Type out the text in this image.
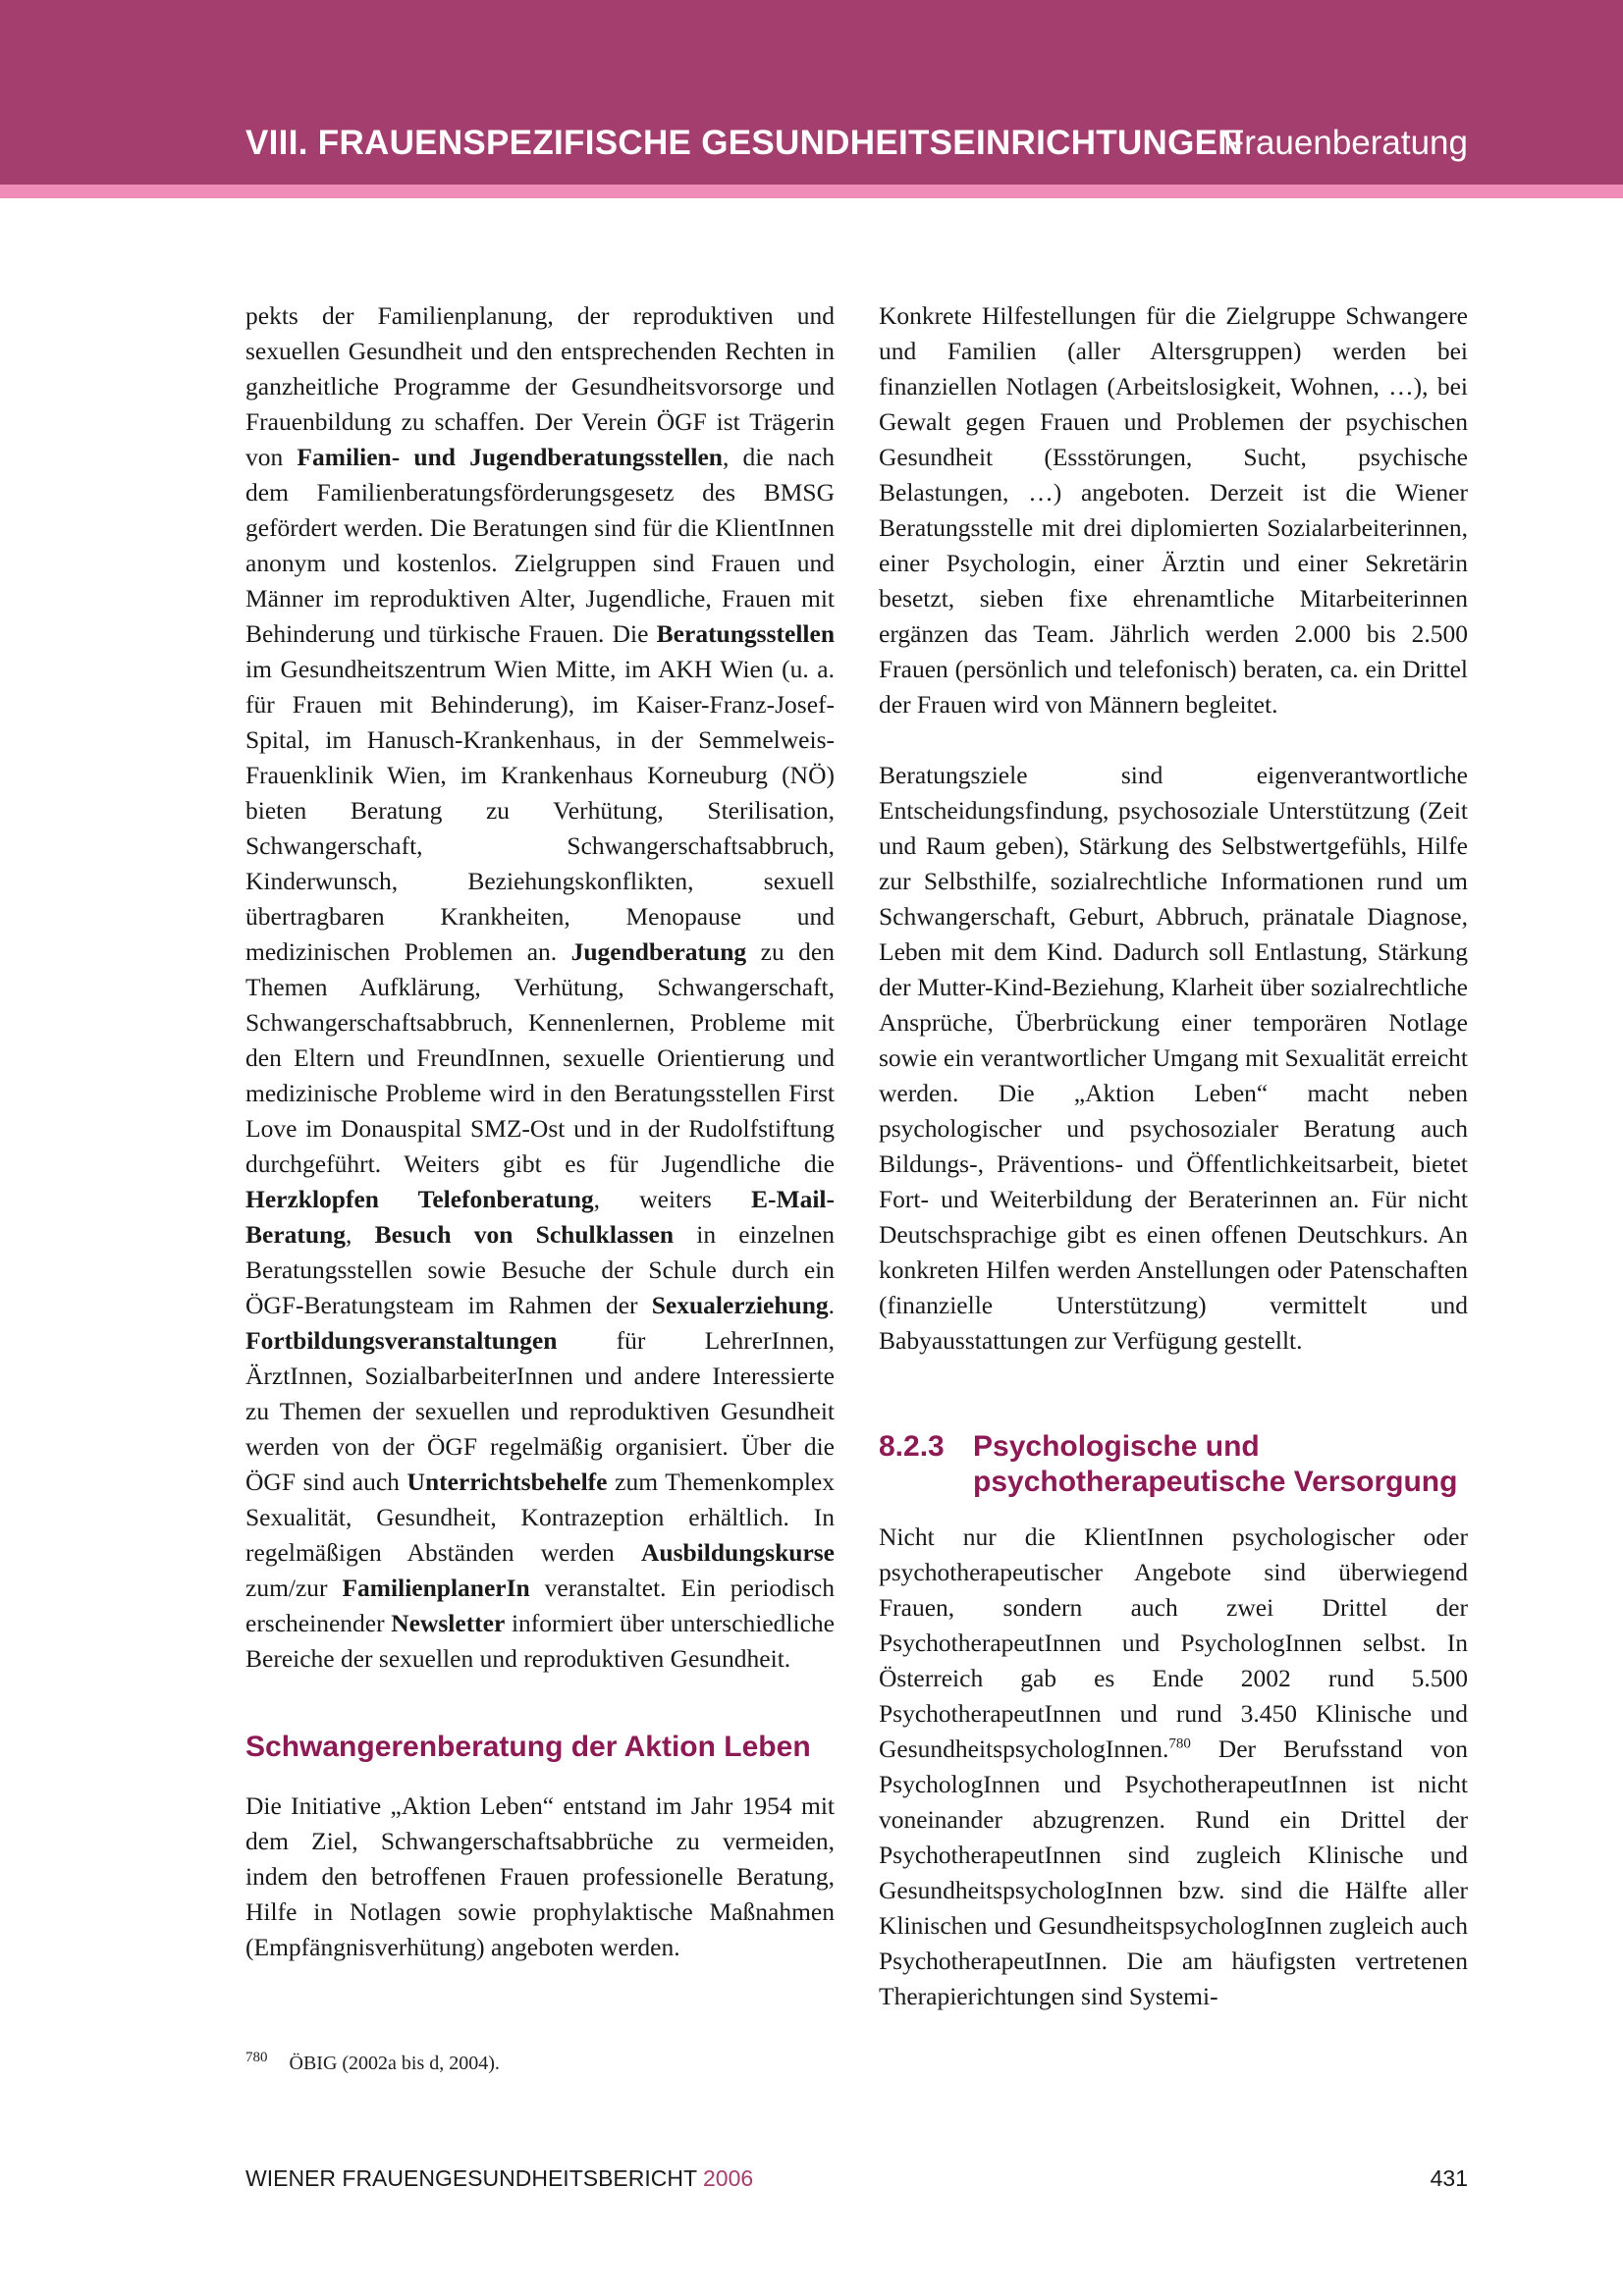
VIII. FRAUENSPEZIFISCHE GESUNDHEITSEINRICHTUNGEN
Frauenberatung

pekts der Familienplanung, der reproduktiven und sexuellen Gesundheit und den entsprechenden Rechten in ganzheitliche Programme der Gesundheitsvorsorge und Frauenbildung zu schaffen. Der Verein ÖGF ist Trägerin von Familien- und Jugendberatungsstellen, die nach dem Familienberatungsförderungsgesetz des BMSG gefördert werden. Die Beratungen sind für die KlientInnen anonym und kostenlos. Zielgruppen sind Frauen und Männer im reproduktiven Alter, Jugendliche, Frauen mit Behinderung und türkische Frauen. Die Beratungsstellen im Gesundheitszentrum Wien Mitte, im AKH Wien (u. a. für Frauen mit Behinderung), im Kaiser-Franz-Josef-Spital, im Hanusch-Krankenhaus, in der Semmelweis-Frauenklinik Wien, im Krankenhaus Korneuburg (NÖ) bieten Beratung zu Verhütung, Sterilisation, Schwangerschaft, Schwangerschaftsabbruch, Kinderwunsch, Beziehungskonflikten, sexuell übertragbaren Krankheiten, Menopause und medizinischen Problemen an. Jugendberatung zu den Themen Aufklärung, Verhütung, Schwangerschaft, Schwangerschaftsabbruch, Kennenlernen, Probleme mit den Eltern und FreundInnen, sexuelle Orientierung und medizinische Probleme wird in den Beratungsstellen First Love im Donauspital SMZ-Ost und in der Rudolfstiftung durchgeführt. Weiters gibt es für Jugendliche die Herzklopfen Telefonberatung, weiters E-Mail-Beratung, Besuch von Schulklassen in einzelnen Beratungsstellen sowie Besuche der Schule durch ein ÖGF-Beratungsteam im Rahmen der Sexualerziehung. Fortbildungsveranstaltungen für LehrerInnen, ÄrztInnen, SozialbarbeiterInnen und andere Interessierte zu Themen der sexuellen und reproduktiven Gesundheit werden von der ÖGF regelmäßig organisiert. Über die ÖGF sind auch Unterrichtsbehelfe zum Themenkomplex Sexualität, Gesundheit, Kontrazeption erhältlich. In regelmäßigen Abständen werden Ausbildungskurse zum/zur FamilienplanerIn veranstaltet. Ein periodisch erscheinender Newsletter informiert über unterschiedliche Bereiche der sexuellen und reproduktiven Gesundheit.

Schwangerenberatung der Aktion Leben

Die Initiative „Aktion Leben“ entstand im Jahr 1954 mit dem Ziel, Schwangerschaftsabbrüche zu vermeiden, indem den betroffenen Frauen professionelle Beratung, Hilfe in Notlagen sowie prophylaktische Maßnahmen (Empfängnisverhütung) angeboten werden.

Konkrete Hilfestellungen für die Zielgruppe Schwangere und Familien (aller Altersgruppen) werden bei finanziellen Notlagen (Arbeitslosigkeit, Wohnen, …), bei Gewalt gegen Frauen und Problemen der psychischen Gesundheit (Essstörungen, Sucht, psychische Belastungen, …) angeboten. Derzeit ist die Wiener Beratungsstelle mit drei diplomierten Sozialarbeiterinnen, einer Psychologin, einer Ärztin und einer Sekretärin besetzt, sieben fixe ehrenamtliche Mitarbeiterinnen ergänzen das Team. Jährlich werden 2.000 bis 2.500 Frauen (persönlich und telefonisch) beraten, ca. ein Drittel der Frauen wird von Männern begleitet.

Beratungsziele sind eigenverantwortliche Entscheidungsfindung, psychosoziale Unterstützung (Zeit und Raum geben), Stärkung des Selbstwertgefühls, Hilfe zur Selbsthilfe, sozialrechtliche Informationen rund um Schwangerschaft, Geburt, Abbruch, pränatale Diagnose, Leben mit dem Kind. Dadurch soll Entlastung, Stärkung der Mutter-Kind-Beziehung, Klarheit über sozialrechtliche Ansprüche, Überbrückung einer temporären Notlage sowie ein verantwortlicher Umgang mit Sexualität erreicht werden. Die „Aktion Leben“ macht neben psychologischer und psychosozialer Beratung auch Bildungs-, Präventions- und Öffentlichkeitsarbeit, bietet Fort- und Weiterbildung der Beraterinnen an. Für nicht Deutschsprachige gibt es einen offenen Deutschkurs. An konkreten Hilfen werden Anstellungen oder Patenschaften (finanzielle Unterstützung) vermittelt und Babyausstattungen zur Verfügung gestellt.

8.2.3 Psychologische und psychotherapeutische Versorgung

Nicht nur die KlientInnen psychologischer oder psychotherapeutischer Angebote sind überwiegend Frauen, sondern auch zwei Drittel der PsychotherapeutInnen und PsychologInnen selbst. In Österreich gab es Ende 2002 rund 5.500 PsychotherapeutInnen und rund 3.450 Klinische und GesundheitspsychologInnen.$^{780}$ Der Berufsstand von PsychologInnen und PsychotherapeutInnen ist nicht voneinander abzugrenzen. Rund ein Drittel der PsychotherapeutInnen sind zugleich Klinische und GesundheitspsychologInnen bzw. sind die Hälfte aller Klinischen und GesundheitspsychologInnen zugleich auch PsychotherapeutInnen. Die am häufigsten vertretenen Therapierichtungen sind Systemi-

$^{780}$ ÖBIG (2002a bis d, 2004).
WIENER FRAUENGESUNDHEITSBERICHT 2006	431
